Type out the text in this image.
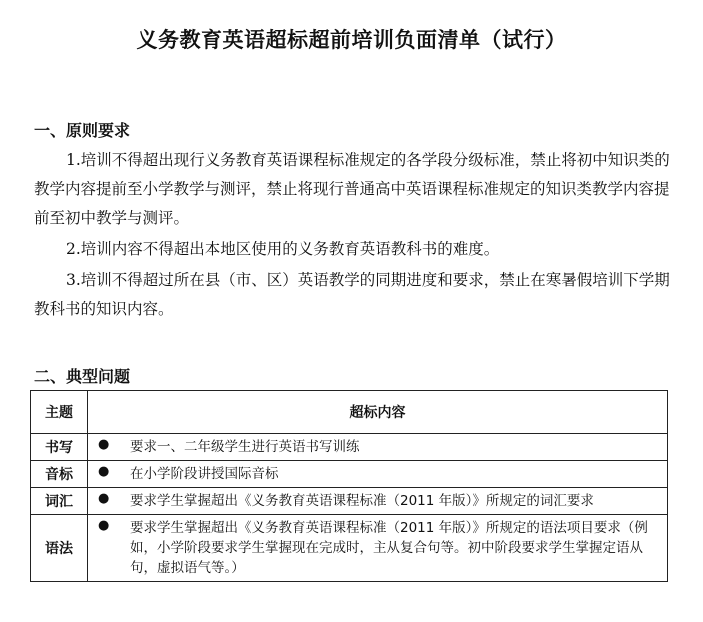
义务教育英语超标超前培训负面清单（试行）
一、原则要求
1.培训不得超出现行义务教育英语课程标准规定的各学段分级标准，禁止将初中知识类的教学内容提前至小学教学与测评，禁止将现行普通高中英语课程标准规定的知识类教学内容提前至初中教学与测评。
2.培训内容不得超出本地区使用的义务教育英语教科书的难度。
3.培训不得超过所在县（市、区）英语教学的同期进度和要求，禁止在寒暑假培训下学期教科书的知识内容。
二、典型问题
主题	超标内容
书写	● 要求一、二年级学生进行英语书写训练

音标	● 在小学阶段讲授国际音标

词汇	● 要求学生掌握超出《义务教育英语课程标准（2011 年版）》所规定的词汇要求

语法	● 要求学生掌握超出《义务教育英语课程标准（2011 年版）》所规定的语法项目要求（例如，小学阶段要求学生掌握现在完成时，主从复合句等。初中阶段要求学生掌握定语从句，虚拟语气等。）
